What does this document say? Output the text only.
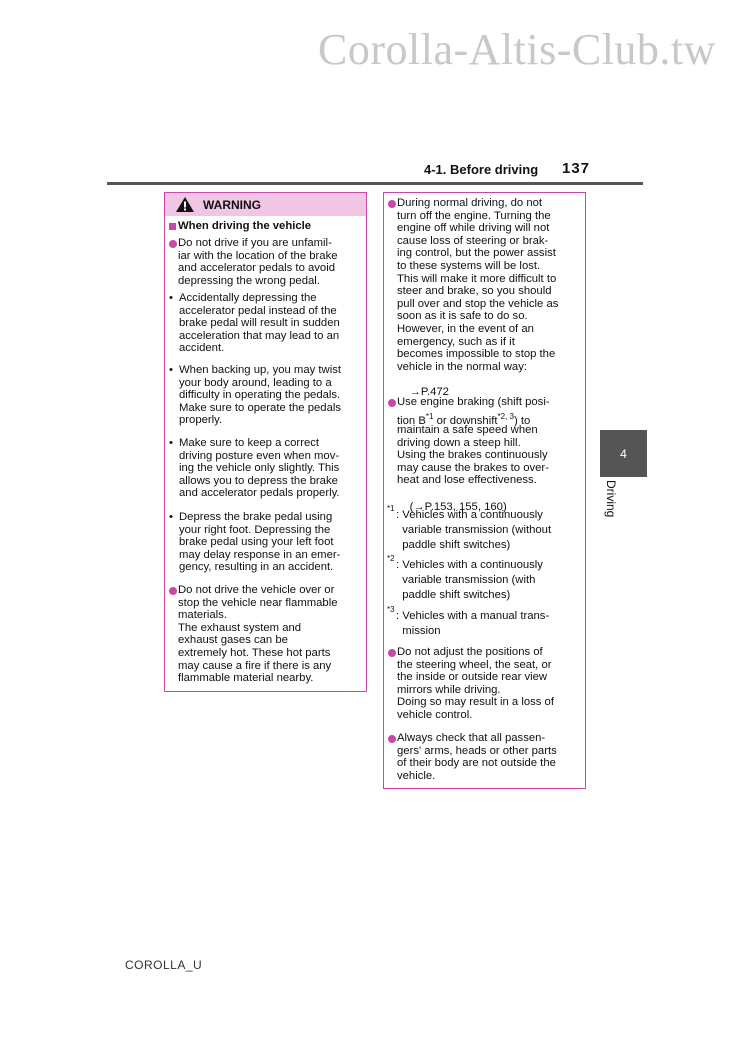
Corolla-Altis-Club.tw
4-1. Before driving 137
WARNING
When driving the vehicle
Do not drive if you are unfamil-
iar with the location of the brake
and accelerator pedals to avoid
depressing the wrong pedal.
• Accidentally depressing the
accelerator pedal instead of the
brake pedal will result in sudden
acceleration that may lead to an
accident.
• When backing up, you may twist
your body around, leading to a
difficulty in operating the pedals.
Make sure to operate the pedals
properly.
• Make sure to keep a correct
driving posture even when mov-
ing the vehicle only slightly. This
allows you to depress the brake
and accelerator pedals properly.
• Depress the brake pedal using
your right foot. Depressing the
brake pedal using your left foot
may delay response in an emer-
gency, resulting in an accident.
Do not drive the vehicle over or
stop the vehicle near flammable
materials.
The exhaust system and
exhaust gases can be
extremely hot. These hot parts
may cause a fire if there is any
flammable material nearby.
During normal driving, do not
turn off the engine. Turning the
engine off while driving will not
cause loss of steering or brak-
ing control, but the power assist
to these systems will be lost.
This will make it more difficult to
steer and brake, so you should
pull over and stop the vehicle as
soon as it is safe to do so.
However, in the event of an
emergency, such as if it
becomes impossible to stop the
vehicle in the normal way:

→P.472

Use engine braking (shift posi-
tion $B^{*1}$ or downshift$^{*2, 3}$) to
maintain a safe speed when
driving down a steep hill.
Using the brakes continuously
may cause the brakes to over-
heat and lose effectiveness.

(→P.153, 155, 160)

*1
: Vehicles with a continuously
variable transmission (without
paddle shift switches)
*2
: Vehicles with a continuously
variable transmission (with
paddle shift switches)
*3
: Vehicles with a manual trans-
mission
Do not adjust the positions of
the steering wheel, the seat, or
the inside or outside rear view
mirrors while driving.
Doing so may result in a loss of
vehicle control.
Always check that all passen-
gers' arms, heads or other parts
of their body are not outside the
vehicle.
4
Driving
COROLLA_U
